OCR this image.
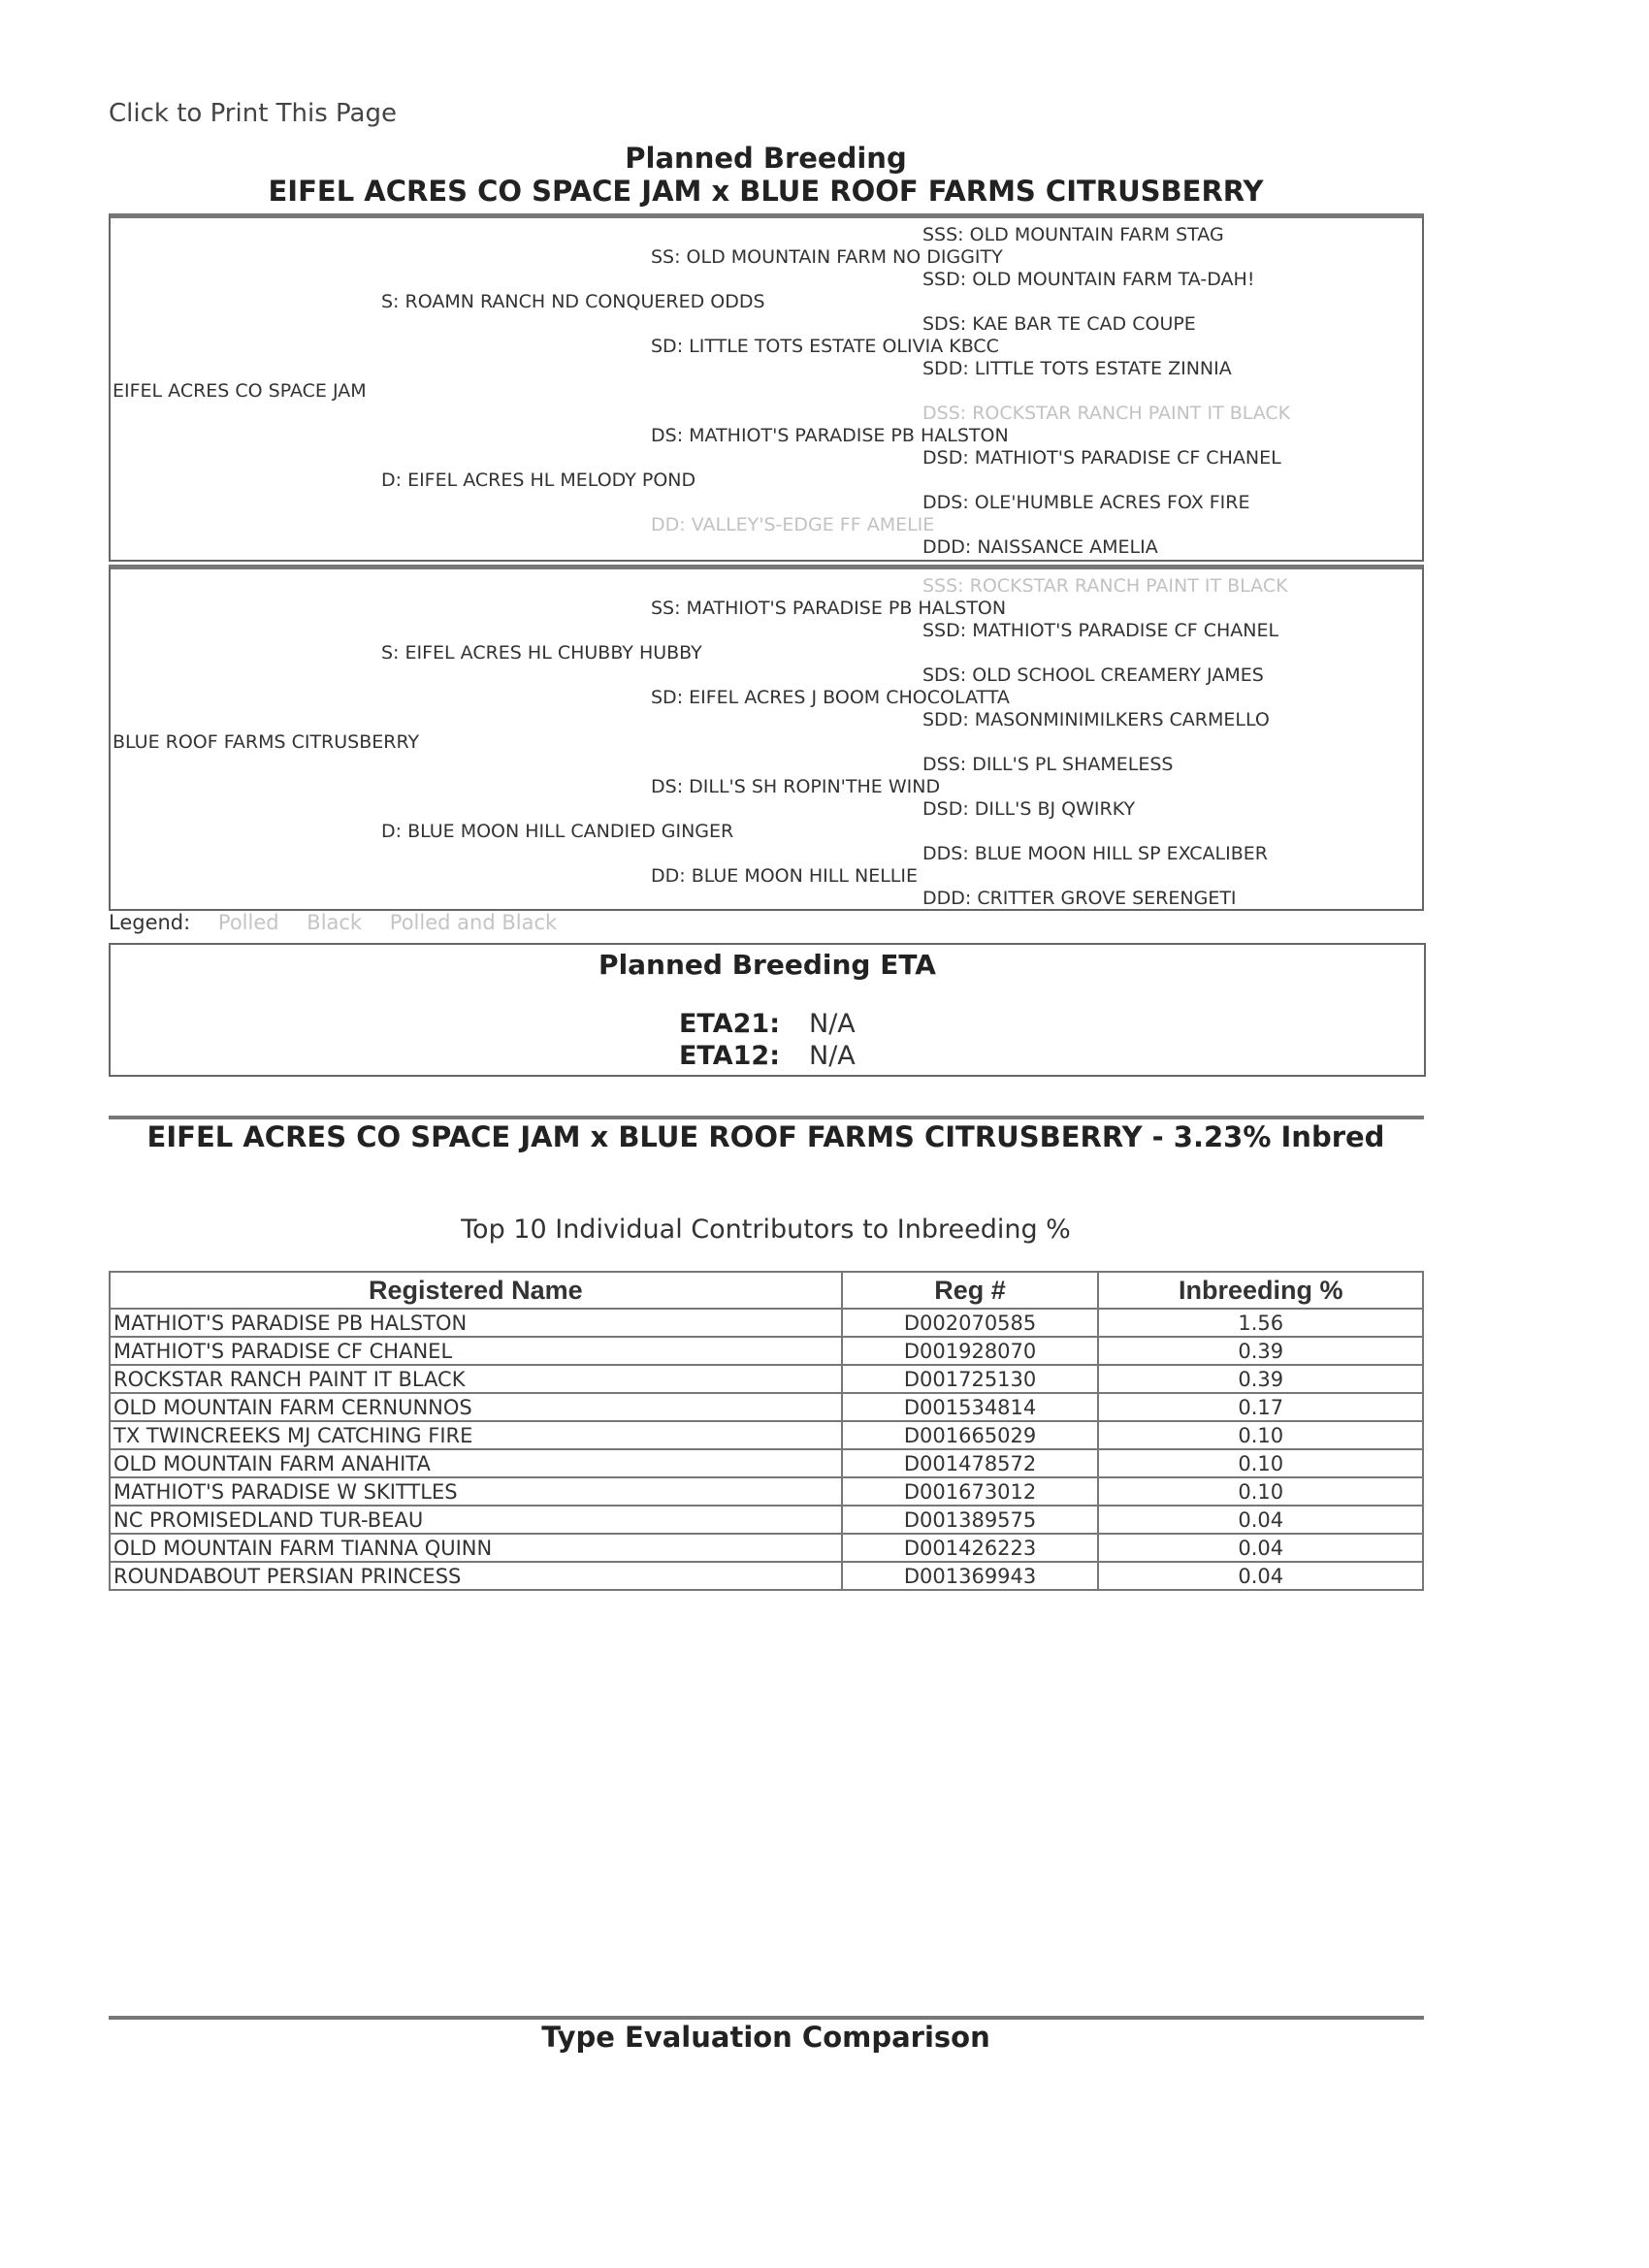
Click to Print This Page
Planned Breeding
EIFEL ACRES CO SPACE JAM x BLUE ROOF FARMS CITRUSBERRY
SSS: OLD MOUNTAIN FARM STAG
SS: OLD MOUNTAIN FARM NO DIGGITY
SSD: OLD MOUNTAIN FARM TA-DAH!
S: ROAMN RANCH ND CONQUERED ODDS
SDS: KAE BAR TE CAD COUPE
SD: LITTLE TOTS ESTATE OLIVIA KBCC
SDD: LITTLE TOTS ESTATE ZINNIA
EIFEL ACRES CO SPACE JAM
DSS: ROCKSTAR RANCH PAINT IT BLACK
DS: MATHIOT'S PARADISE PB HALSTON
DSD: MATHIOT'S PARADISE CF CHANEL
D: EIFEL ACRES HL MELODY POND
DDS: OLE'HUMBLE ACRES FOX FIRE
DD: VALLEY'S-EDGE FF AMELIE
DDD: NAISSANCE AMELIA
SSS: ROCKSTAR RANCH PAINT IT BLACK
SS: MATHIOT'S PARADISE PB HALSTON
SSD: MATHIOT'S PARADISE CF CHANEL
S: EIFEL ACRES HL CHUBBY HUBBY
SDS: OLD SCHOOL CREAMERY JAMES
SD: EIFEL ACRES J BOOM CHOCOLATTA
SDD: MASONMINIMILKERS CARMELLO
BLUE ROOF FARMS CITRUSBERRY
DSS: DILL'S PL SHAMELESS
DS: DILL'S SH ROPIN'THE WIND
DSD: DILL'S BJ QWIRKY
D: BLUE MOON HILL CANDIED GINGER
DDS: BLUE MOON HILL SP EXCALIBER
DD: BLUE MOON HILL NELLIE
DDD: CRITTER GROVE SERENGETI
Legend: Polled Black Polled and Black
Planned Breeding ETA
ETA21: N/A
ETA12: N/A
EIFEL ACRES CO SPACE JAM x BLUE ROOF FARMS CITRUSBERRY - 3.23% Inbred
Top 10 Individual Contributors to Inbreeding %
Registered Name	Reg #	Inbreeding %
MATHIOT'S PARADISE PB HALSTON	D002070585	1.56
MATHIOT'S PARADISE CF CHANEL	D001928070	0.39
ROCKSTAR RANCH PAINT IT BLACK	D001725130	0.39
OLD MOUNTAIN FARM CERNUNNOS	D001534814	0.17
TX TWINCREEKS MJ CATCHING FIRE	D001665029	0.10
OLD MOUNTAIN FARM ANAHITA	D001478572	0.10
MATHIOT'S PARADISE W SKITTLES	D001673012	0.10
NC PROMISEDLAND TUR-BEAU	D001389575	0.04
OLD MOUNTAIN FARM TIANNA QUINN	D001426223	0.04
ROUNDABOUT PERSIAN PRINCESS	D001369943	0.04
Type Evaluation Comparison
